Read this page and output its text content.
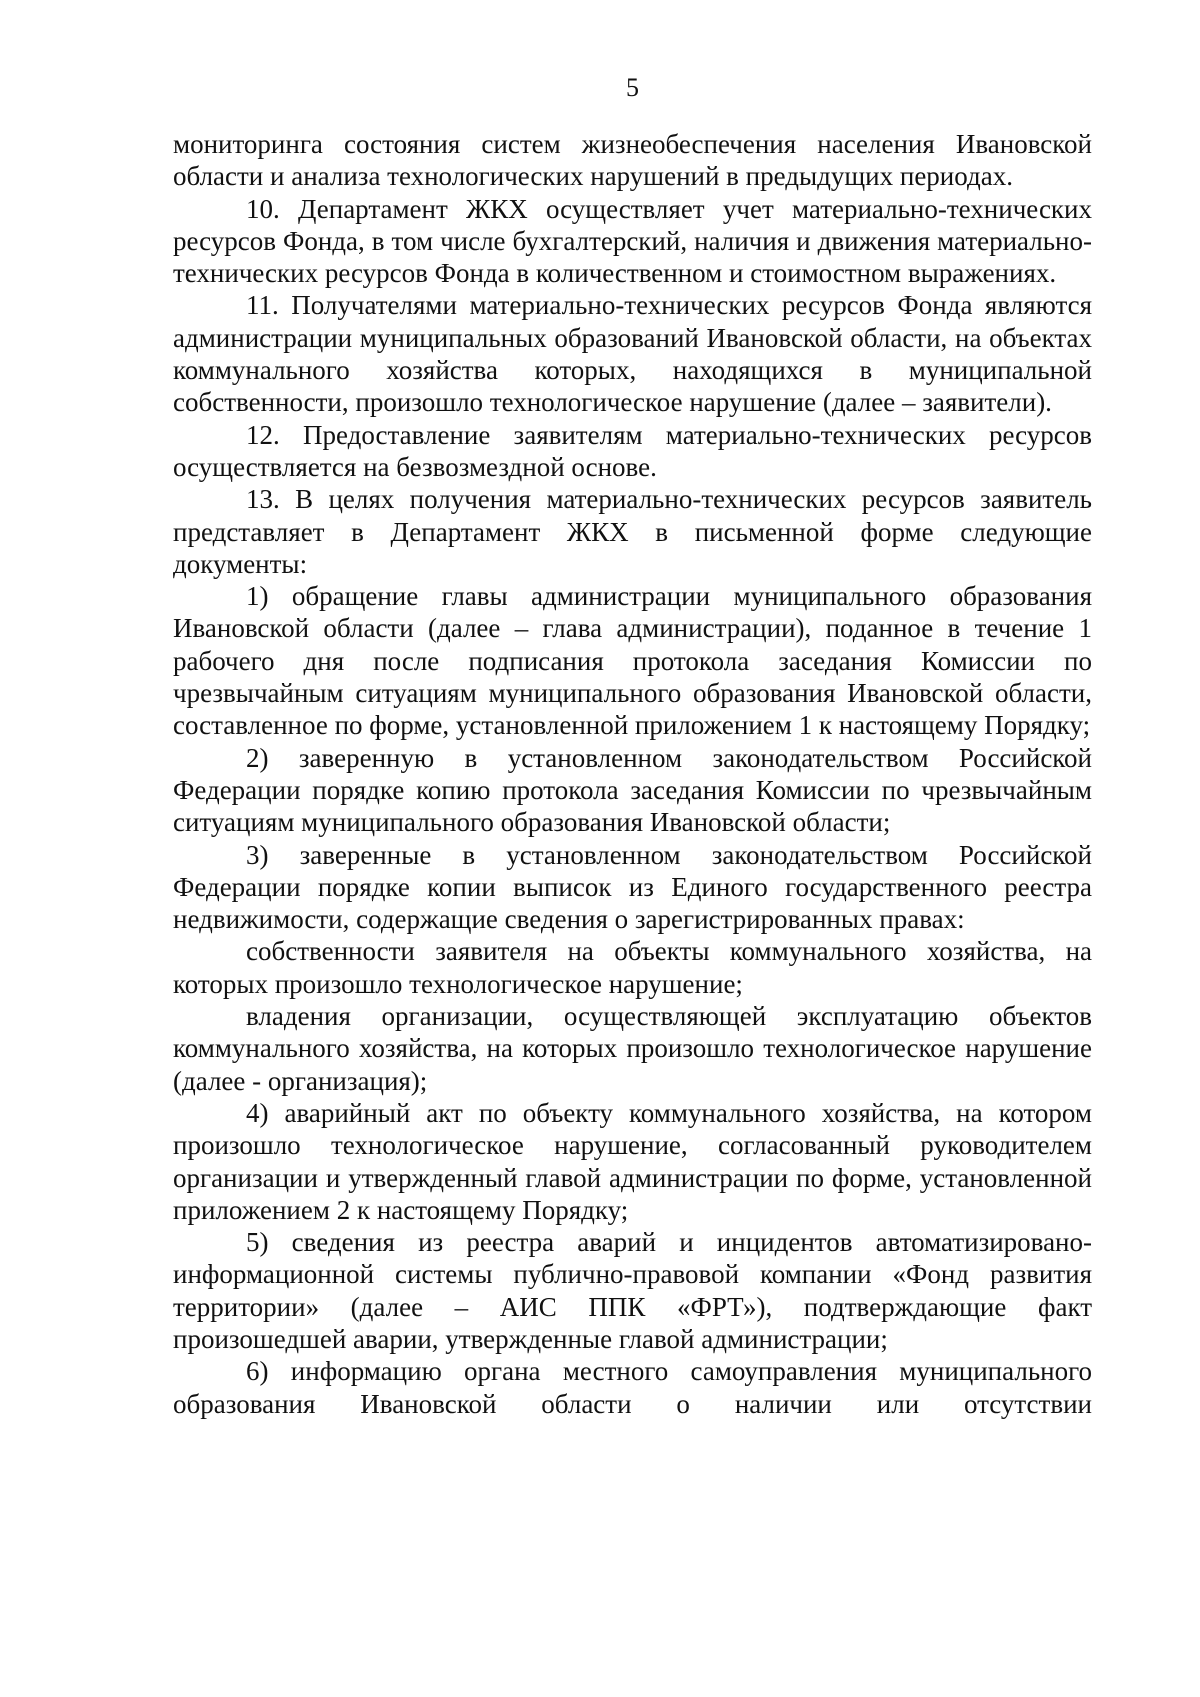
5

мониторинга состояния систем жизнеобеспечения населения Ивановской области и анализа технологических нарушений в предыдущих периодах.

10. Департамент ЖКХ осуществляет учет материально-технических ресурсов Фонда, в том числе бухгалтерский, наличия и движения материально-технических ресурсов Фонда в количественном и стоимостном выражениях.

11. Получателями материально-технических ресурсов Фонда являются администрации муниципальных образований Ивановской области, на объектах коммунального хозяйства которых, находящихся в муниципальной собственности, произошло технологическое нарушение (далее – заявители).

12. Предоставление заявителям материально-технических ресурсов осуществляется на безвозмездной основе.

13. В целях получения материально-технических ресурсов заявитель представляет в Департамент ЖКХ в письменной форме следующие документы:

1) обращение главы администрации муниципального образования Ивановской области (далее – глава администрации), поданное в течение 1 рабочего дня после подписания протокола заседания Комиссии по чрезвычайным ситуациям муниципального образования Ивановской области, составленное по форме, установленной приложением 1 к настоящему Порядку;

2) заверенную в установленном законодательством Российской Федерации порядке копию протокола заседания Комиссии по чрезвычайным ситуациям муниципального образования Ивановской области;

3) заверенные в установленном законодательством Российской Федерации порядке копии выписок из Единого государственного реестра недвижимости, содержащие сведения о зарегистрированных правах:

собственности заявителя на объекты коммунального хозяйства, на которых произошло технологическое нарушение;

владения организации, осуществляющей эксплуатацию объектов коммунального хозяйства, на которых произошло технологическое нарушение (далее - организация);

4) аварийный акт по объекту коммунального хозяйства, на котором произошло технологическое нарушение, согласованный руководителем организации и утвержденный главой администрации по форме, установленной приложением 2 к настоящему Порядку;

5) сведения из реестра аварий и инцидентов автоматизировано-информационной системы публично-правовой компании «Фонд развития территории» (далее – АИС ППК «ФРТ»), подтверждающие факт произошедшей аварии, утвержденные главой администрации;

6) информацию органа местного самоуправления муниципального образования Ивановской области о наличии или отсутствии
